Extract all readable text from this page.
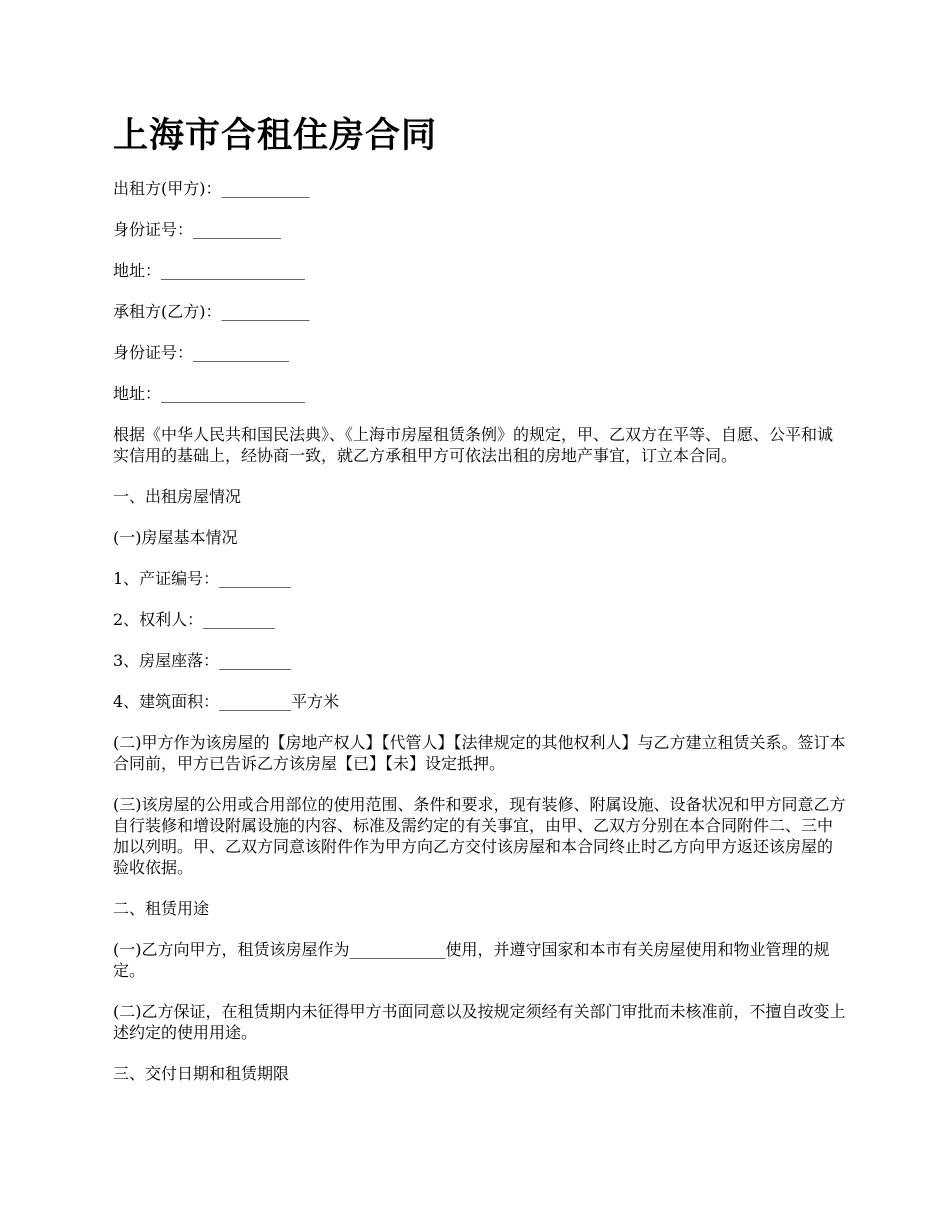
上海市合租住房合同

出租方(甲方)：___________

身份证号：___________

地址：__________________

承租方(乙方)：___________

身份证号：____________

地址：__________________

根据《中华人民共和国民法典》、《上海市房屋租赁条例》的规定，甲、乙双方在平等、自愿、公平和诚实信用的基础上，经协商一致，就乙方承租甲方可依法出租的房地产事宜，订立本合同。

一、出租房屋情况

(一)房屋基本情况

1、产证编号：_________

2、权利人：_________

3、房屋座落：_________

4、建筑面积：_________平方米

(二)甲方作为该房屋的【房地产权人】【代管人】【法律规定的其他权利人】与乙方建立租赁关系。签订本合同前，甲方已告诉乙方该房屋【已】【未】设定抵押。

(三)该房屋的公用或合用部位的使用范围、条件和要求，现有装修、附属设施、设备状况和甲方同意乙方自行装修和增设附属设施的内容、标准及需约定的有关事宜，由甲、乙双方分别在本合同附件二、三中加以列明。甲、乙双方同意该附件作为甲方向乙方交付该房屋和本合同终止时乙方向甲方返还该房屋的验收依据。

二、租赁用途

(一)乙方向甲方，租赁该房屋作为____________使用，并遵守国家和本市有关房屋使用和物业管理的规定。

(二)乙方保证，在租赁期内未征得甲方书面同意以及按规定须经有关部门审批而未核准前，不擅自改变上述约定的使用用途。

三、交付日期和租赁期限
